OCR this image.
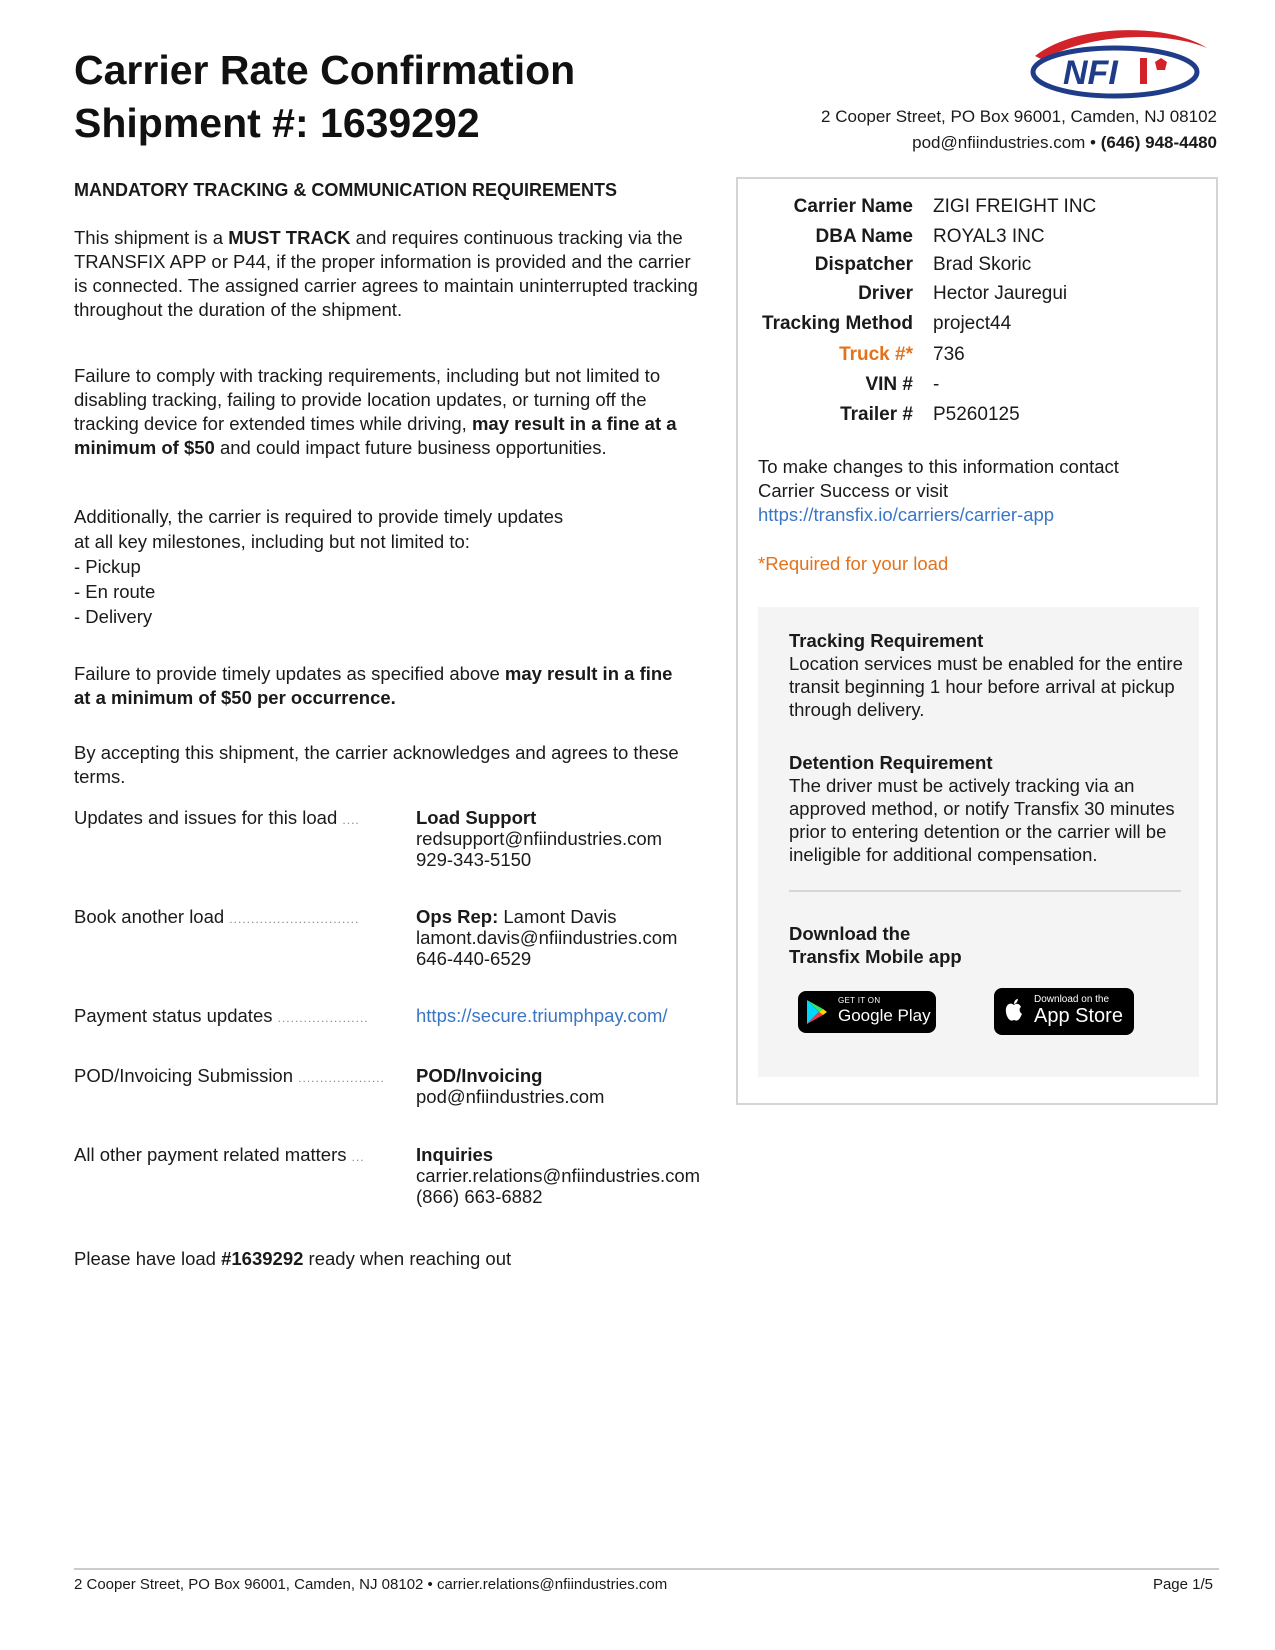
Carrier Rate Confirmation
Shipment #: 1639292
NFI
2 Cooper Street, PO Box 96001, Camden, NJ 08102
pod@nfiindustries.com • (646) 948-4480
MANDATORY TRACKING & COMMUNICATION REQUIREMENTS

This shipment is a MUST TRACK and requires continuous tracking via the TRANSFIX APP or P44, if the proper information is provided and the carrier is connected. The assigned carrier agrees to maintain uninterrupted tracking throughout the duration of the shipment.

Failure to comply with tracking requirements, including but not limited to disabling tracking, failing to provide location updates, or turning off the tracking device for extended times while driving, may result in a fine at a minimum of $50 and could impact future business opportunities.

Additionally, the carrier is required to provide timely updates
at all key milestones, including but not limited to:
- Pickup
- En route
- Delivery

Failure to provide timely updates as specified above may result in a fine at a minimum of $50 per occurrence.

By accepting this shipment, the carrier acknowledges and agrees to these terms.
Updates and issues for this load ....	Load Support
redsupport@nfiindustries.com
929-343-5150
Book another load ..............................	Ops Rep: Lamont Davis
lamont.davis@nfiindustries.com
646-440-6529
Payment status updates .....................	https://secure.triumphpay.com/
POD/Invoicing Submission ....................	POD/Invoicing
pod@nfiindustries.com
All other payment related matters ...	Inquiries
carrier.relations@nfiindustries.com
(866) 663-6882
Please have load #1639292 ready when reaching out
Carrier Name ZIGI FREIGHT INC
DBA Name ROYAL3 INC
Dispatcher Brad Skoric
Driver Hector Jauregui
Tracking Method project44
Truck #* 736
VIN # -
Trailer # P5260125
To make changes to this information contact
Carrier Success or visit
https://transfix.io/carriers/carrier-app
*Required for your load
Tracking Requirement
Location services must be enabled for the entire transit beginning 1 hour before arrival at pickup through delivery.
Detention Requirement
The driver must be actively tracking via an approved method, or notify Transfix 30 minutes prior to entering detention or the carrier will be ineligible for additional compensation.
Download the
Transfix Mobile app
GET IT ON
Google Play
Download on the
App Store
2 Cooper Street, PO Box 96001, Camden, NJ 08102 • carrier.relations@nfiindustries.com	Page 1/5
